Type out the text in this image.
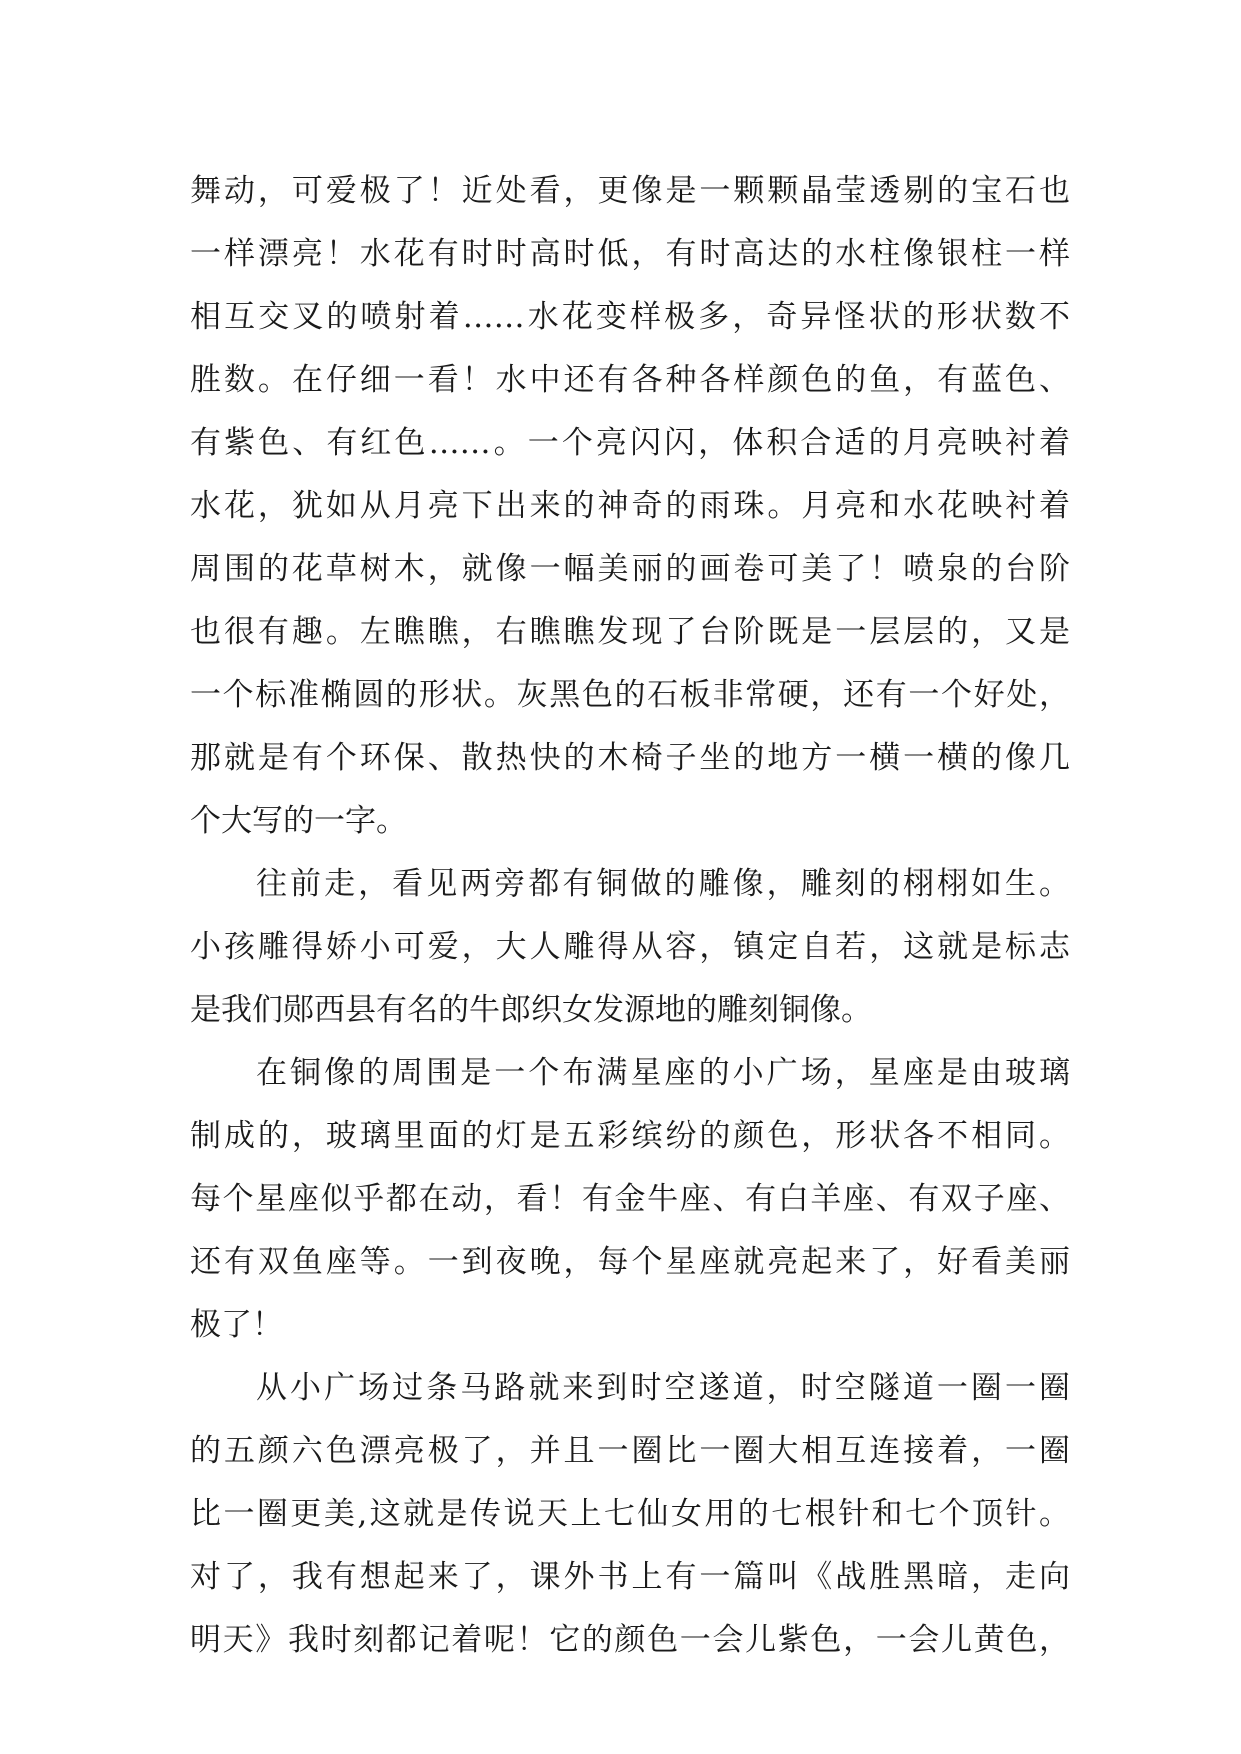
舞动，可爱极了！近处看，更像是一颗颗晶莹透剔的宝石也
一样漂亮！水花有时时高时低，有时高达的水柱像银柱一样
相互交叉的喷射着……水花变样极多，奇异怪状的形状数不
胜数。在仔细一看！水中还有各种各样颜色的鱼，有蓝色、
有紫色、有红色……。一个亮闪闪，体积合适的月亮映衬着
水花，犹如从月亮下出来的神奇的雨珠。月亮和水花映衬着
周围的花草树木，就像一幅美丽的画卷可美了！喷泉的台阶
也很有趣。左瞧瞧，右瞧瞧发现了台阶既是一层层的，又是
一个标准椭圆的形状。灰黑色的石板非常硬，还有一个好处，
那就是有个环保、散热快的木椅子坐的地方一横一横的像几
个大写的一字。
往前走，看见两旁都有铜做的雕像，雕刻的栩栩如生。
小孩雕得娇小可爱，大人雕得从容，镇定自若，这就是标志
是我们郧西县有名的牛郎织女发源地的雕刻铜像。
在铜像的周围是一个布满星座的小广场，星座是由玻璃
制成的，玻璃里面的灯是五彩缤纷的颜色，形状各不相同。
每个星座似乎都在动，看！有金牛座、有白羊座、有双子座、
还有双鱼座等。一到夜晚，每个星座就亮起来了，好看美丽
极了！
从小广场过条马路就来到时空遂道，时空隧道一圈一圈
的五颜六色漂亮极了，并且一圈比一圈大相互连接着，一圈
比一圈更美,这就是传说天上七仙女用的七根针和七个顶针。
对了，我有想起来了，课外书上有一篇叫《战胜黑暗，走向
明天》我时刻都记着呢！它的颜色一会儿紫色，一会儿黄色，
